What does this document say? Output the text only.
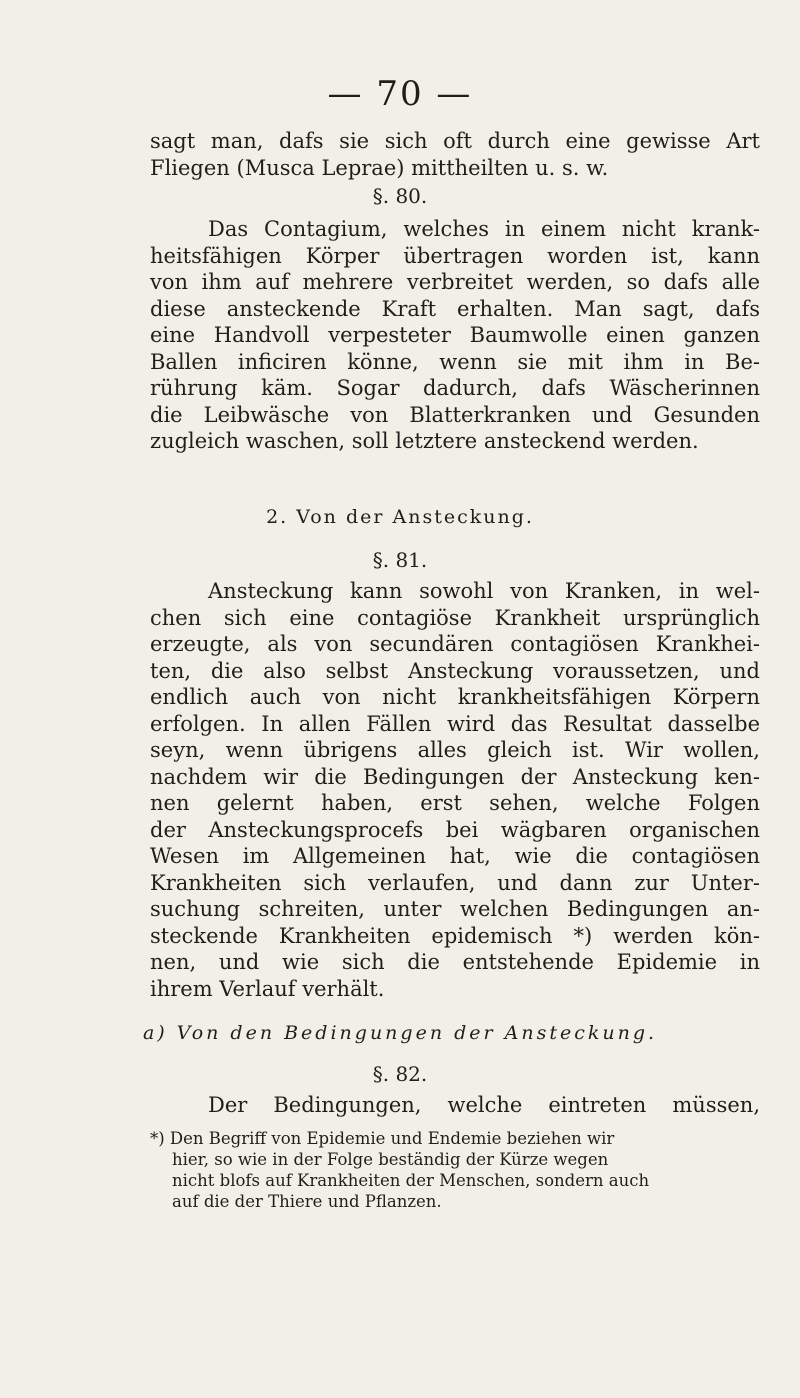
— 70 —
sagt man, dafs sie sich oft durch eine gewisse Art
Fliegen (Musca Leprae) mittheilten u. s. w.
§. 80.
Das Contagium, welches in einem nicht krank-
heitsfähigen Körper übertragen worden ist, kann
von ihm auf mehrere verbreitet werden, so dafs alle
diese ansteckende Kraft erhalten. Man sagt, dafs
eine Handvoll verpesteter Baumwolle einen ganzen
Ballen inficiren könne, wenn sie mit ihm in Be-
rührung käm. Sogar dadurch, dafs Wäscherinnen
die Leibwäsche von Blatterkranken und Gesunden
zugleich waschen, soll letztere ansteckend werden.
2. Von der Ansteckung.
§. 81.
Ansteckung kann sowohl von Kranken, in wel-
chen sich eine contagiöse Krankheit ursprünglich
erzeugte, als von secundären contagiösen Krankhei-
ten, die also selbst Ansteckung voraussetzen, und
endlich auch von nicht krankheitsfähigen Körpern
erfolgen. In allen Fällen wird das Resultat dasselbe
seyn, wenn übrigens alles gleich ist. Wir wollen,
nachdem wir die Bedingungen der Ansteckung ken-
nen gelernt haben, erst sehen, welche Folgen
der Ansteckungsprocefs bei wägbaren organischen
Wesen im Allgemeinen hat, wie die contagiösen
Krankheiten sich verlaufen, und dann zur Unter-
suchung schreiten, unter welchen Bedingungen an-
steckende Krankheiten epidemisch *) werden kön-
nen, und wie sich die entstehende Epidemie in
ihrem Verlauf verhält.
a) Von den Bedingungen der Ansteckung.
§. 82.
Der Bedingungen, welche eintreten müssen,
*) Den Begriff von Epidemie und Endemie beziehen wir
hier, so wie in der Folge beständig der Kürze wegen
nicht blofs auf Krankheiten der Menschen, sondern auch
auf die der Thiere und Pflanzen.
